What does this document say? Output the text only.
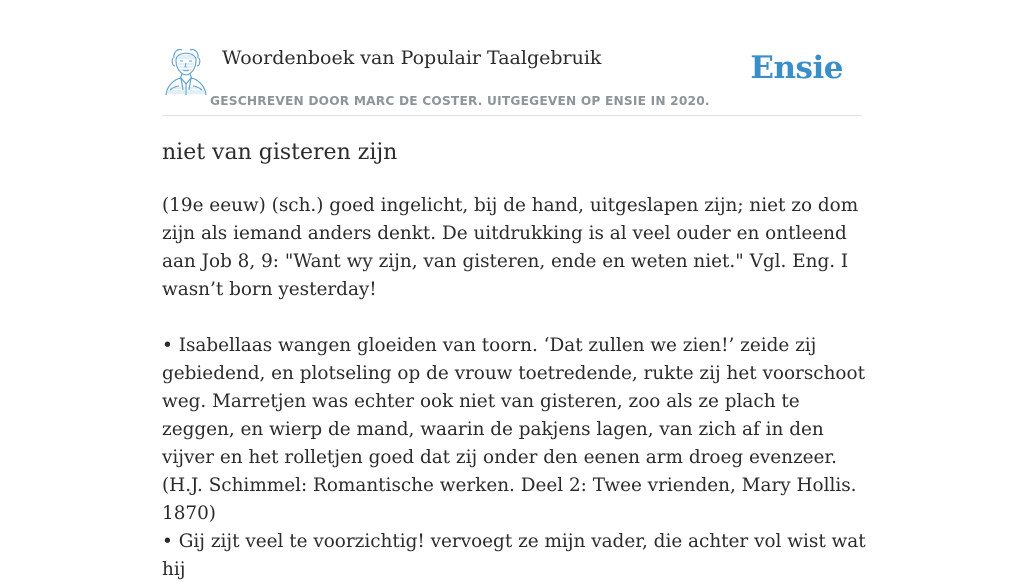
Woordenboek van Populair Taalgebruik
GESCHREVEN DOOR MARC DE COSTER. UITGEGEVEN OP ENSIE IN 2020.
Ensie
niet van gisteren zijn

(19e eeuw) (sch.) goed ingelicht, bij de hand, uitgeslapen zijn; niet zo dom zijn als iemand anders denkt. De uitdrukking is al veel ouder en ontleend aan Job 8, 9: "Want wy zijn, van gisteren, ende en weten niet." Vgl. Eng. I wasn’t born yesterday!

• Isabellaas wangen gloeiden van toorn. ‘Dat zullen we zien!’ zeide zij gebiedend, en plotseling op de vrouw toetredende, rukte zij het voorschoot weg. Marretjen was echter ook niet van gisteren, zoo als ze plach te zeggen, en wierp de mand, waarin de pakjens lagen, van zich af in den vijver en het rolletjen goed dat zij onder den eenen arm droeg evenzeer. (H.J. Schimmel: Romantische werken. Deel 2: Twee vrienden, Mary Hollis. 1870)

• Gij zijt veel te voorzichtig! vervoegt ze mijn vader, die achter vol wist wat hij
